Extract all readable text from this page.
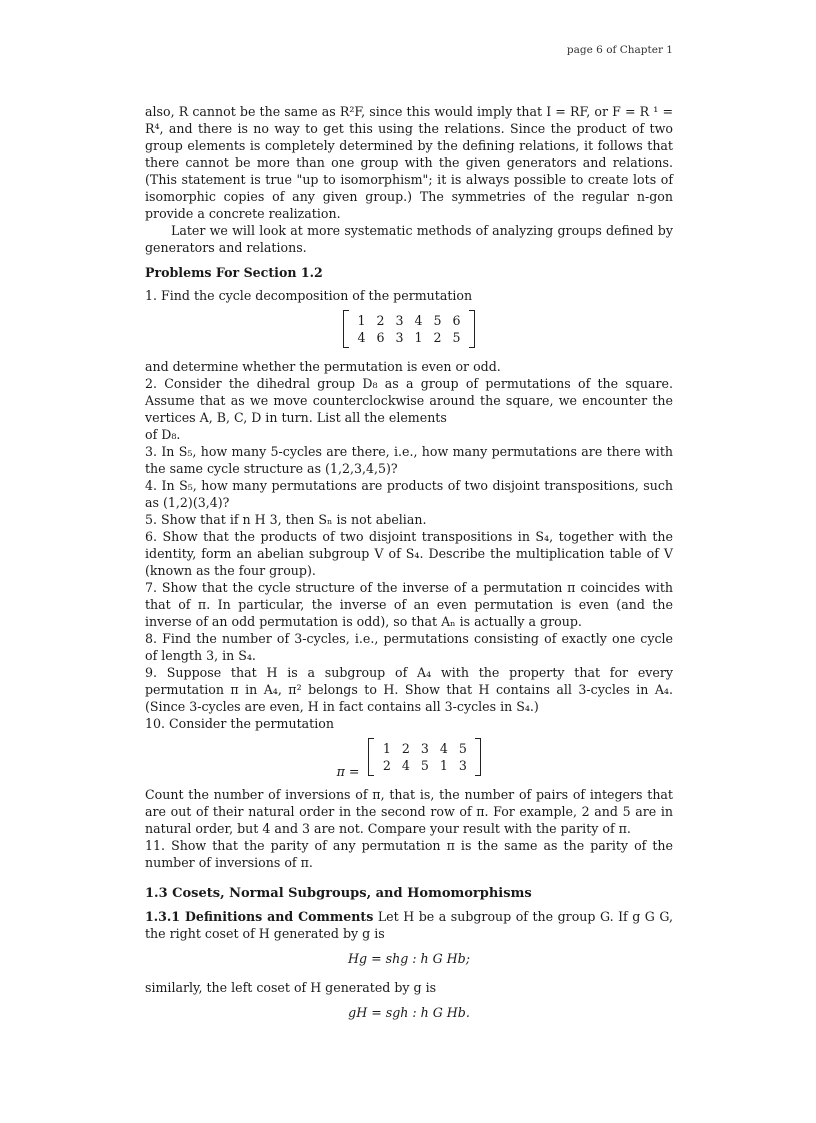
page 6 of Chapter 1

also, R cannot be the same as R²F, since this would imply that I = RF, or F = R ¹ = R⁴, and there is no way to get this using the relations. Since the product of two group elements is completely determined by the defining relations, it follows that there cannot be more than one group with the given generators and relations. (This statement is true "up to isomorphism"; it is always possible to create lots of isomorphic copies of any given group.) The symmetries of the regular n-gon provide a concrete realization.

Later we will look at more systematic methods of analyzing groups defined by generators and relations.

Problems For Section 1.2

1. Find the cycle decomposition of the permutation

1 2 3 4 5 6
4 6 3 1 2 5

and determine whether the permutation is even or odd.

2. Consider the dihedral group D₈ as a group of permutations of the square. Assume that as we move counterclockwise around the square, we encounter the vertices A, B, C, D in turn. List all the elements

of D₈.

3. In S₅, how many 5-cycles are there, i.e., how many permutations are there with the same cycle structure as (1,2,3,4,5)?

4. In S₅, how many permutations are products of two disjoint transpositions, such as (1,2)(3,4)?

5. Show that if n H 3, then Sₙ is not abelian.

6. Show that the products of two disjoint transpositions in S₄, together with the identity, form an abelian subgroup V of S₄. Describe the multiplication table of V (known as the four group).

7. Show that the cycle structure of the inverse of a permutation π coincides with that of π. In particular, the inverse of an even permutation is even (and the inverse of an odd permutation is odd), so that Aₙ is actually a group.

8. Find the number of 3-cycles, i.e., permutations consisting of exactly one cycle of length 3, in S₄.

9. Suppose that H is a subgroup of A₄ with the property that for every permutation π in A₄, π² belongs to H. Show that H contains all 3-cycles in A₄. (Since 3-cycles are even, H in fact contains all 3-cycles in S₄.)

10. Consider the permutation

π =
1 2 3 4 5
2 4 5 1 3

Count the number of inversions of π, that is, the number of pairs of integers that are out of their natural order in the second row of π. For example, 2 and 5 are in natural order, but 4 and 3 are not. Compare your result with the parity of π.

11. Show that the parity of any permutation π is the same as the parity of the number of inversions of π.

1.3 Cosets, Normal Subgroups, and Homomorphisms

1.3.1 Definitions and Comments Let H be a subgroup of the group G. If g G G, the right coset of H generated by g is

Hg = shg : h G Hb;

similarly, the left coset of H generated by g is

gH = sgh : h G Hb.
